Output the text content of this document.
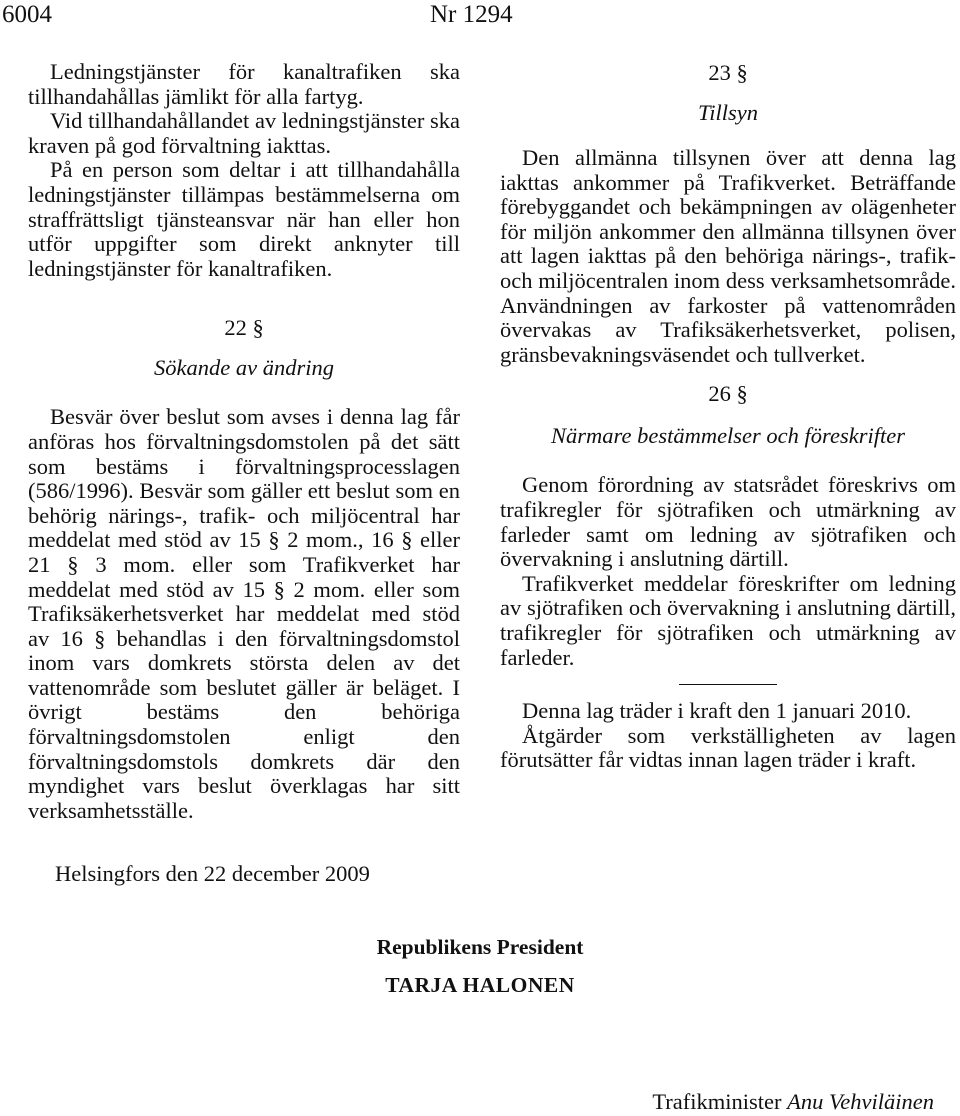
6004	Nr 1294

Ledningstjänster för kanaltrafiken ska tillhandahållas jämlikt för alla fartyg.

Vid tillhandahållandet av ledningstjänster ska kraven på god förvaltning iakttas.

På en person som deltar i att tillhandahålla ledningstjänster tillämpas bestämmelserna om straffrättsligt tjänsteansvar när han eller hon utför uppgifter som direkt anknyter till ledningstjänster för kanaltrafiken.

22 §

Sökande av ändring

Besvär över beslut som avses i denna lag får anföras hos förvaltningsdomstolen på det sätt som bestäms i förvaltningsprocesslagen (586/1996). Besvär som gäller ett beslut som en behörig närings-, trafik- och miljöcentral har meddelat med stöd av 15 § 2 mom., 16 § eller 21 § 3 mom. eller som Trafikverket har meddelat med stöd av 15 § 2 mom. eller som Trafiksäkerhetsverket har meddelat med stöd av 16 § behandlas i den förvaltningsdomstol inom vars domkrets största delen av det vattenområde som beslutet gäller är beläget. I övrigt bestäms den behöriga förvaltningsdomstolen enligt den förvaltningsdomstols domkrets där den myndighet vars beslut överklagas har sitt verksamhetsställe.

23 §

Tillsyn

Den allmänna tillsynen över att denna lag iakttas ankommer på Trafikverket. Beträffande förebyggandet och bekämpningen av olägenheter för miljön ankommer den allmänna tillsynen över att lagen iakttas på den behöriga närings-, trafik- och miljöcentralen inom dess verksamhetsområde. Användningen av farkoster på vattenområden övervakas av Trafiksäkerhetsverket, polisen, gränsbevakningsväsendet och tullverket.

26 §

Närmare bestämmelser och föreskrifter

Genom förordning av statsrådet föreskrivs om trafikregler för sjötrafiken och utmärkning av farleder samt om ledning av sjötrafiken och övervakning i anslutning därtill.

Trafikverket meddelar föreskrifter om ledning av sjötrafiken och övervakning i anslutning därtill, trafikregler för sjötrafiken och utmärkning av farleder.

Denna lag träder i kraft den 1 januari 2010.

Åtgärder som verkställigheten av lagen förutsätter får vidtas innan lagen träder i kraft.

Helsingfors den 22 december 2009
Republikens President
TARJA HALONEN
Trafikminister Anu Vehviläinen
